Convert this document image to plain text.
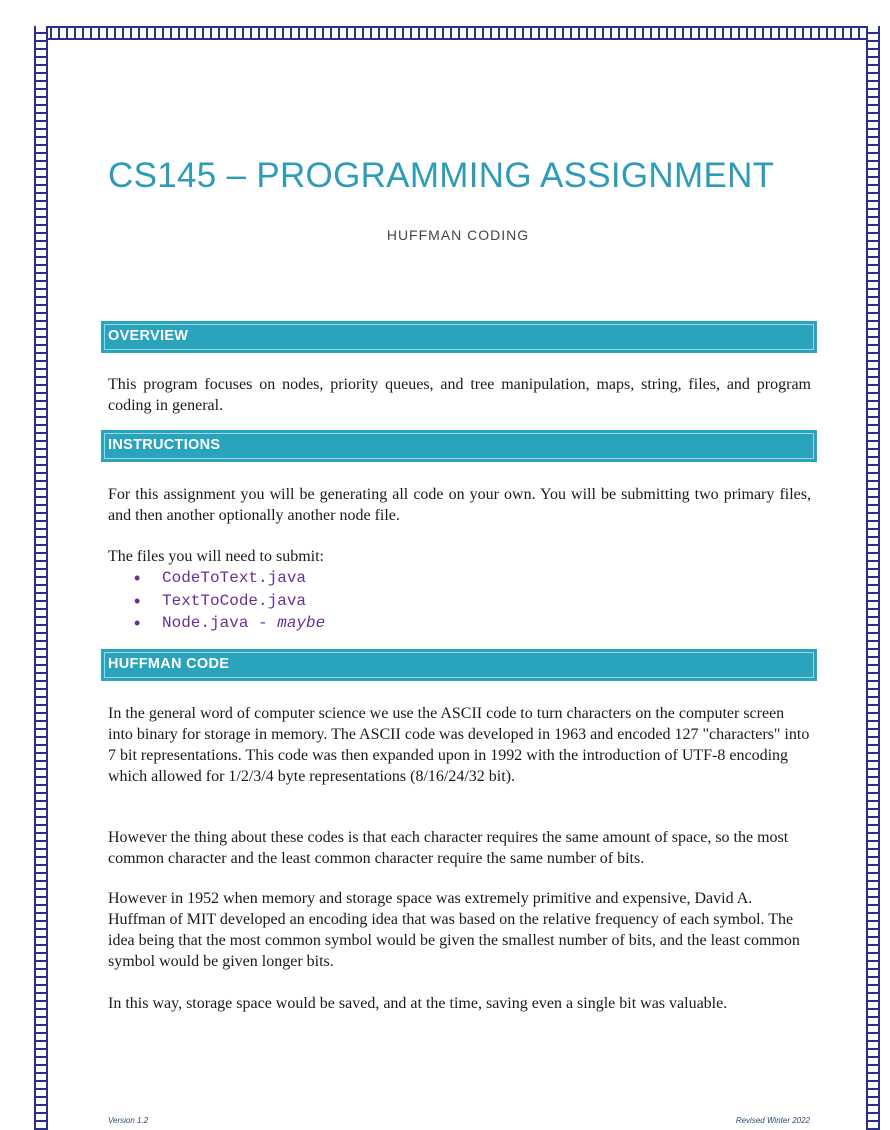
CS145 – PROGRAMMING ASSIGNMENT
HUFFMAN CODING
OVERVIEW

This program focuses on nodes, priority queues, and tree manipulation, maps, string, files, and program coding in general.

INSTRUCTIONS

For this assignment you will be generating all code on your own. You will be submitting two primary files, and then another optionally another node file.

The files you will need to submit:

• CodeToText.java
• TextToCode.java
• Node.java - maybe
HUFFMAN CODE

In the general word of computer science we use the ASCII code to turn characters on the computer screen into binary for storage in memory. The ASCII code was developed in 1963 and encoded 127 "characters" into 7 bit representations. This code was then expanded upon in 1992 with the introduction of UTF-8 encoding which allowed for 1/2/3/4 byte representations (8/16/24/32 bit).

However the thing about these codes is that each character requires the same amount of space, so the most common character and the least common character require the same number of bits.

However in 1952 when memory and storage space was extremely primitive and expensive, David A. Huffman of MIT developed an encoding idea that was based on the relative frequency of each symbol. The idea being that the most common symbol would be given the smallest number of bits, and the least common symbol would be given longer bits.

In this way, storage space would be saved, and at the time, saving even a single bit was valuable.

Version 1.2	Revised Winter 2022
